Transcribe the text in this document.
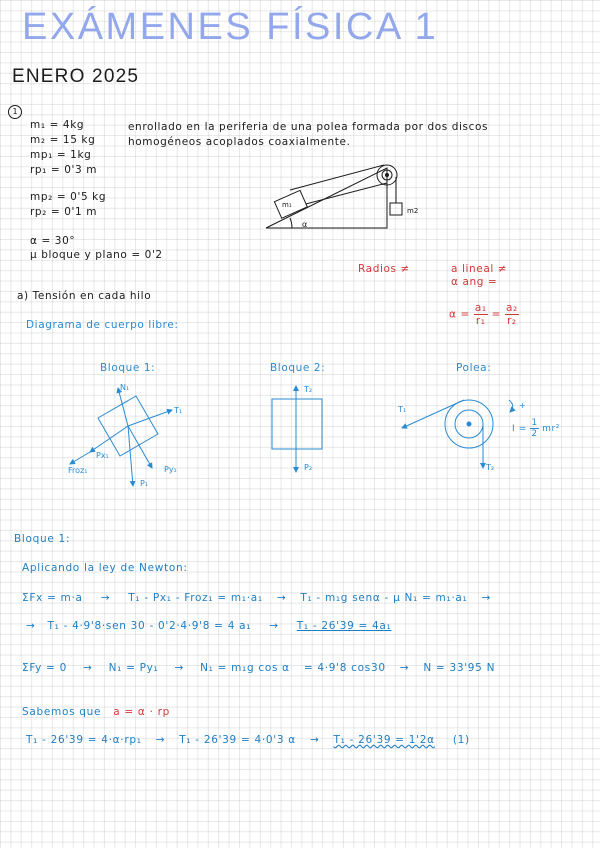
EXÁMENES FÍSICA 1
ENERO 2025
1
m₁ = 4kg
m₂ = 15 kg
mp₁ = 1kg
rp₁ = 0'3 m
mp₂ = 0'5 kg
rp₂ = 0'1 m
α = 30°
μ bloque y plano = 0'2
enrollado en la periferia de una polea formada por dos discos
homogéneos acoplados coaxialmente.
m₁
m2
α
Radios ≠	a lineal ≠
α ang =
$\alpha = \frac{\text{a₁}}{\text{r₁}} = \frac{\text{a₂}}{\text{r₂}}$
a) Tensión en cada hilo
Diagrama de cuerpo libre:
Bloque 1:
N₁
T₁
Px₁
Py₁
P₁
Froz₁
Bloque 2:
T₂
P₂
Polea:
T₁
T₂
+
$I = \frac{1}{2} mr^2$
Bloque 1:
Aplicando la ley de Newton:
ΣFx = m·a → T₁ - Px₁ - Froz₁ = m₁·a₁ → T₁ - m₁g senα - μ N₁ = m₁·a₁ →
→ T₁ - 4·9'8·sen 30 - 0'2·4·9'8 = 4 a₁ → T₁ - 26'39 = 4a₁
ΣFy = 0 → N₁ = Py₁ → N₁ = m₁g cos α = 4·9'8 cos30 → N = 33'95 N
Sabemos que a = α · rp
T₁ - 26'39 = 4·α·rp₁ → T₁ - 26'39 = 4·0'3 α → T₁ - 26'39 = 1'2α (1)
